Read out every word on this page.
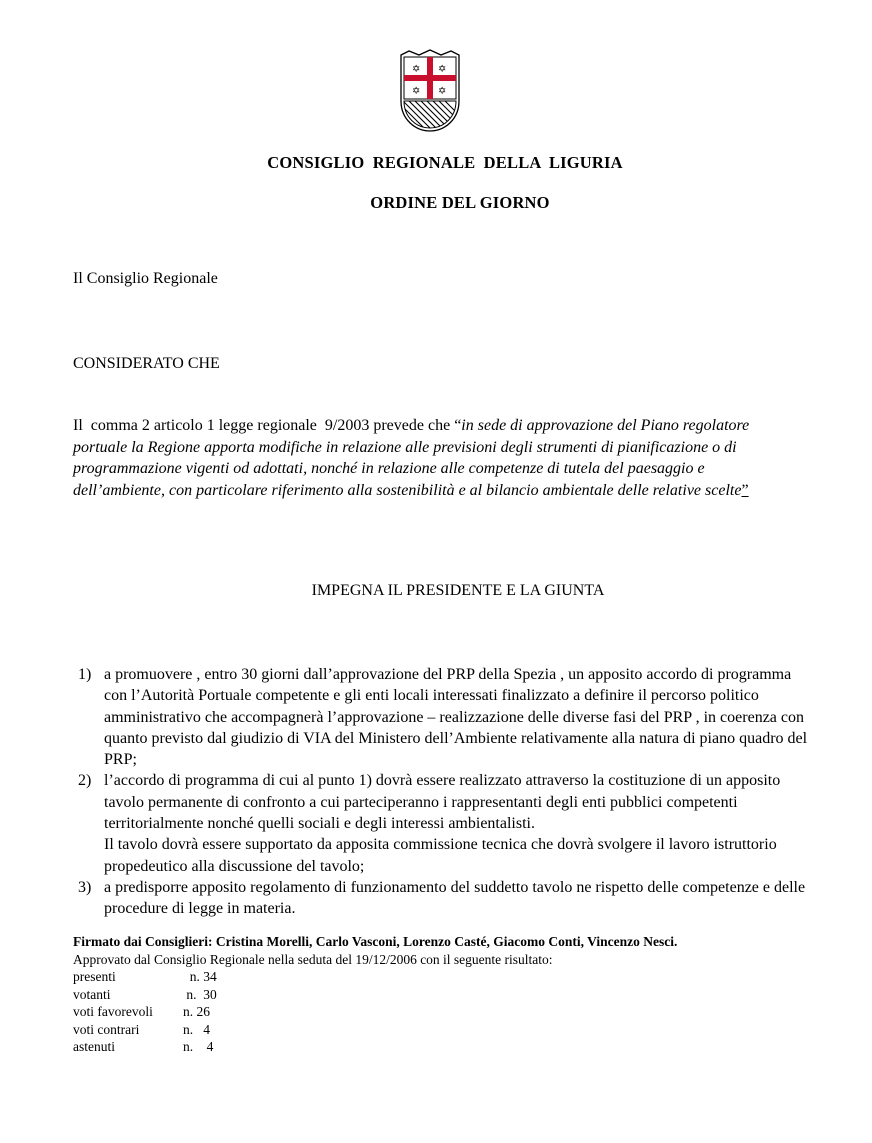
✡ ✡
✡ ✡
CONSIGLIO REGIONALE DELLA LIGURIA
ORDINE DEL GIORNO
Il Consiglio Regionale
CONSIDERATO CHE
Il  comma 2 articolo 1 legge regionale  9/2003 prevede che “in sede di approvazione del Piano regolatore portuale la Regione apporta modifiche in relazione alle previsioni degli strumenti di pianificazione o di programmazione vigenti od adottati, nonché in relazione alle competenze di tutela del paesaggio e dell’ambiente, con particolare riferimento alla sostenibilità e al bilancio ambientale delle relative scelte”
IMPEGNA IL PRESIDENTE E LA GIUNTA
1) a promuovere , entro 30 giorni dall’approvazione del PRP della Spezia , un apposito accordo di programma con l’Autorità Portuale competente e gli enti locali interessati finalizzato a definire il percorso politico amministrativo che accompagnerà l’approvazione – realizzazione delle diverse fasi del PRP , in coerenza con quanto previsto dal giudizio di VIA del Ministero dell’Ambiente relativamente alla natura di piano quadro del PRP;
2) l’accordo di programma di cui al punto 1) dovrà essere realizzato attraverso la costituzione di un apposito tavolo permanente di confronto a cui parteciperanno i rappresentanti degli enti pubblici competenti territorialmente nonché quelli sociali e degli interessi ambientalisti.
Il tavolo dovrà essere supportato da apposita commissione tecnica che dovrà svolgere il lavoro istruttorio propedeutico alla discussione del tavolo;
3) a predisporre apposito regolamento di funzionamento del suddetto tavolo ne rispetto delle competenze e delle procedure di legge in materia.
Firmato dai Consiglieri: Cristina Morelli, Carlo Vasconi, Lorenzo Casté, Giacomo Conti, Vincenzo Nesci.
Approvato dal Consiglio Regionale nella seduta del 19/12/2006 con il seguente risultato:
presenti	n. 34
votanti	n.  30
voti favorevoli	n. 26
voti contrari	n.   4
astenuti	n.    4
